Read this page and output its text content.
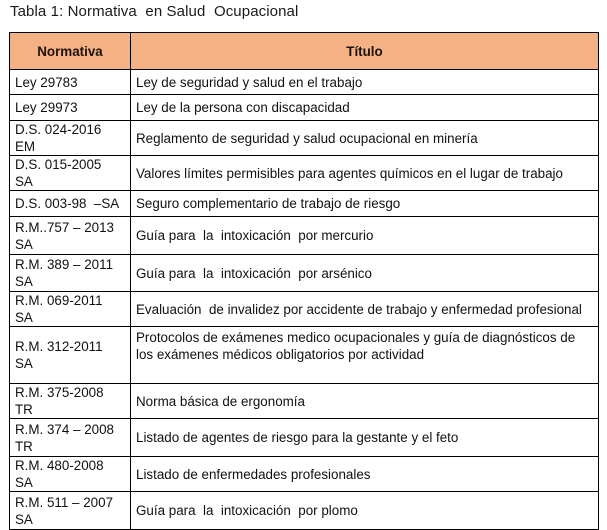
Tabla 1: Normativa  en Salud  Ocupacional
Normativa	Título
Ley 29783	Ley de seguridad y salud en el trabajo
Ley 29973	Ley de la persona con discapacidad
D.S. 024-2016  EM	Reglamento de seguridad y salud ocupacional en minería
D.S. 015-2005  SA	Valores límites permisibles para agentes químicos en el lugar de trabajo
D.S. 003-98  –SA	Seguro complementario de trabajo de riesgo
R.M..757 – 2013 SA	Guía para  la  intoxicación  por mercurio
R.M. 389 – 2011 SA	Guía para  la  intoxicación  por arsénico
R.M. 069-2011  SA	Evaluación  de invalidez por accidente de trabajo y enfermedad profesional
R.M. 312-2011  SA	Protocolos de exámenes medico ocupacionales y guía de diagnósticos de los exámenes médicos obligatorios por actividad
R.M. 375-2008  TR	Norma básica de ergonomía
R.M. 374 – 2008 TR	Listado de agentes de riesgo para la gestante y el feto
R.M. 480-2008  SA	Listado de enfermedades profesionales
R.M. 511 – 2007 SA	Guía para  la  intoxicación  por plomo
